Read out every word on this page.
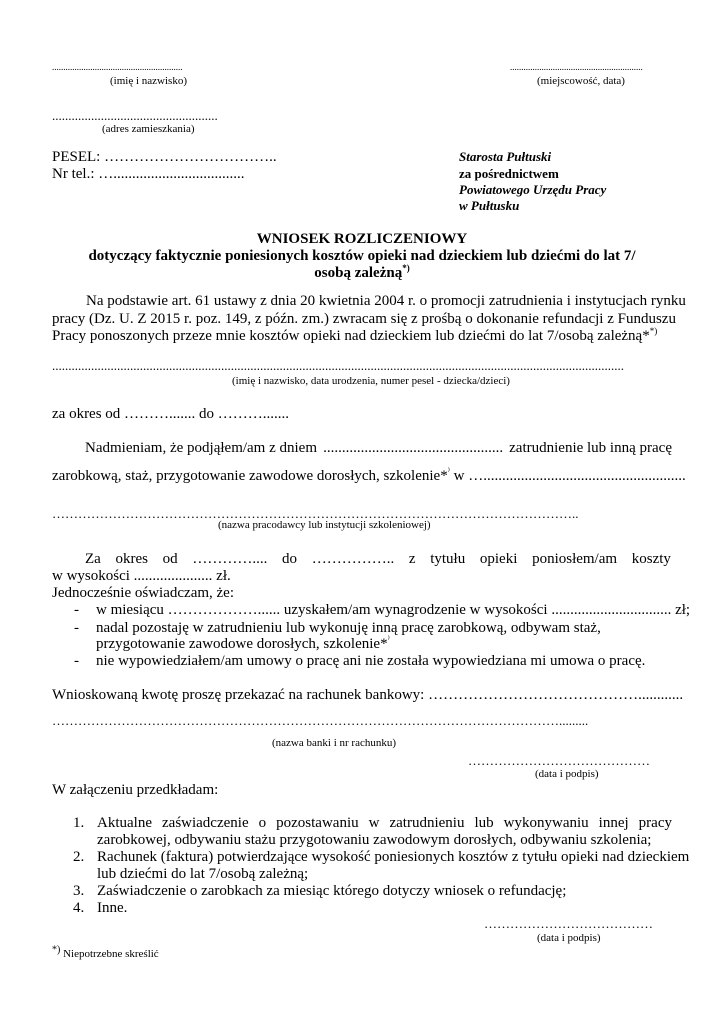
..........................................................
(imię i nazwisko)
...........................................................
(miejscowość, data)
...................................................
(adres zamieszkania)
PESEL: ……………………………..
Nr tel.: …...................................
Starosta Pułtuski
za pośrednictwem
Powiatowego Urzędu Pracy
w Pułtusku
WNIOSEK ROZLICZENIOWY
dotyczący faktycznie poniesionych kosztów opieki nad dzieckiem lub dziećmi do lat 7/
osobą zależną*)
Na podstawie art. 61 ustawy z dnia 20 kwietnia 2004 r. o promocji zatrudnienia i instytucjach rynku
pracy (Dz. U. Z 2015 r. poz. 149, z późn. zm.) zwracam się z prośbą o dokonanie refundacji z Funduszu
Pracy ponoszonych przeze mnie kosztów opieki nad dzieckiem lub dziećmi do lat 7/osobą zależną**)
................................................................................................................................................................................
(imię i nazwisko, data urodzenia, numer pesel - dziecka/dzieci)
za okres od ………....... do ……….......
Nadmieniam, że podjąłem/am z dniem ................................................ zatrudnienie lub inną pracę
zarobkową, staż, przygotowanie zawodowe dorosłych, szkolenie*⁾ w …......................................................
…………………………………………………………………………………………………………..
(nazwa pracodawcy lub instytucji szkoleniowej)
Za okres od ………….... do …………….. z tytułu opieki poniosłem/am koszty
w wysokości ..................... zł.
Jednocześnie oświadczam, że:
- w miesiącu ………………...... uzyskałem/am wynagrodzenie w wysokości ................................ zł;
- nadal pozostaję w zatrudnieniu lub wykonuję inną pracę zarobkową, odbywam staż,
przygotowanie zawodowe dorosłych, szkolenie*⁾
- nie wypowiedziałem/am umowy o pracę ani nie została wypowiedziana mi umowa o pracę.
Wnioskowaną kwotę proszę przekazać na rachunek bankowy: ……………………………………............
……………………………………………………………………………………………………….........
(nazwa banki i nr rachunku)
……………………………………
(data i podpis)
W załączeniu przedkładam:
1. Aktualne zaświadczenie o pozostawaniu w zatrudnieniu lub wykonywaniu innej pracy
zarobkowej, odbywaniu stażu przygotowaniu zawodowym dorosłych, odbywaniu szkolenia;
2. Rachunek (faktura) potwierdzające wysokość poniesionych kosztów z tytułu opieki nad dzieckiem
lub dziećmi do lat 7/osobą zależną;
3. Zaświadczenie o zarobkach za miesiąc którego dotyczy wniosek o refundację;
4. Inne.
…………………………………
(data i podpis)
*) Niepotrzebne skreślić
